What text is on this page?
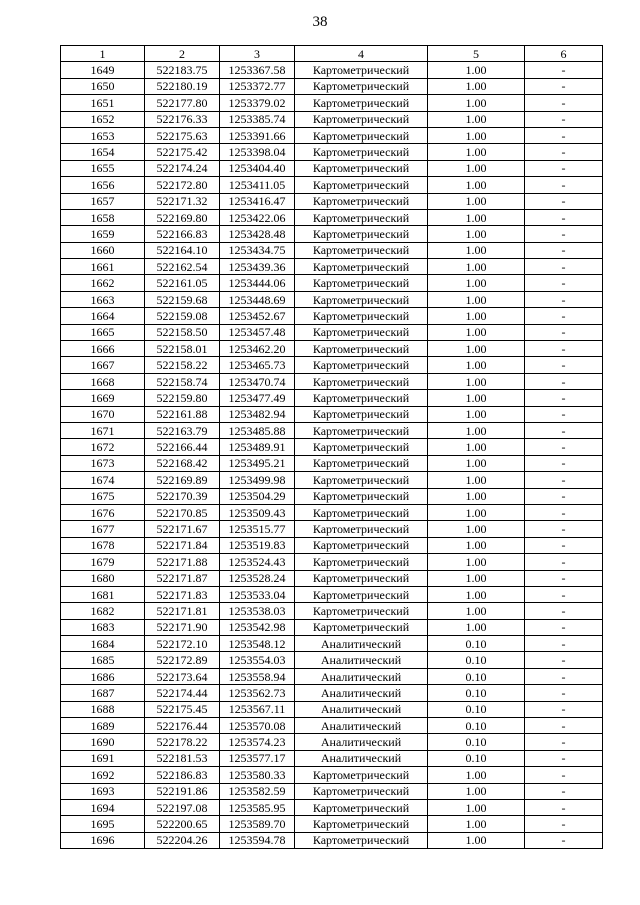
38
1	2	3	4	5	6
1649	522183.75	1253367.58	Картометрический	1.00	-
1650	522180.19	1253372.77	Картометрический	1.00	-
1651	522177.80	1253379.02	Картометрический	1.00	-
1652	522176.33	1253385.74	Картометрический	1.00	-
1653	522175.63	1253391.66	Картометрический	1.00	-
1654	522175.42	1253398.04	Картометрический	1.00	-
1655	522174.24	1253404.40	Картометрический	1.00	-
1656	522172.80	1253411.05	Картометрический	1.00	-
1657	522171.32	1253416.47	Картометрический	1.00	-
1658	522169.80	1253422.06	Картометрический	1.00	-
1659	522166.83	1253428.48	Картометрический	1.00	-
1660	522164.10	1253434.75	Картометрический	1.00	-
1661	522162.54	1253439.36	Картометрический	1.00	-
1662	522161.05	1253444.06	Картометрический	1.00	-
1663	522159.68	1253448.69	Картометрический	1.00	-
1664	522159.08	1253452.67	Картометрический	1.00	-
1665	522158.50	1253457.48	Картометрический	1.00	-
1666	522158.01	1253462.20	Картометрический	1.00	-
1667	522158.22	1253465.73	Картометрический	1.00	-
1668	522158.74	1253470.74	Картометрический	1.00	-
1669	522159.80	1253477.49	Картометрический	1.00	-
1670	522161.88	1253482.94	Картометрический	1.00	-
1671	522163.79	1253485.88	Картометрический	1.00	-
1672	522166.44	1253489.91	Картометрический	1.00	-
1673	522168.42	1253495.21	Картометрический	1.00	-
1674	522169.89	1253499.98	Картометрический	1.00	-
1675	522170.39	1253504.29	Картометрический	1.00	-
1676	522170.85	1253509.43	Картометрический	1.00	-
1677	522171.67	1253515.77	Картометрический	1.00	-
1678	522171.84	1253519.83	Картометрический	1.00	-
1679	522171.88	1253524.43	Картометрический	1.00	-
1680	522171.87	1253528.24	Картометрический	1.00	-
1681	522171.83	1253533.04	Картометрический	1.00	-
1682	522171.81	1253538.03	Картометрический	1.00	-
1683	522171.90	1253542.98	Картометрический	1.00	-
1684	522172.10	1253548.12	Аналитический	0.10	-
1685	522172.89	1253554.03	Аналитический	0.10	-
1686	522173.64	1253558.94	Аналитический	0.10	-
1687	522174.44	1253562.73	Аналитический	0.10	-
1688	522175.45	1253567.11	Аналитический	0.10	-
1689	522176.44	1253570.08	Аналитический	0.10	-
1690	522178.22	1253574.23	Аналитический	0.10	-
1691	522181.53	1253577.17	Аналитический	0.10	-
1692	522186.83	1253580.33	Картометрический	1.00	-
1693	522191.86	1253582.59	Картометрический	1.00	-
1694	522197.08	1253585.95	Картометрический	1.00	-
1695	522200.65	1253589.70	Картометрический	1.00	-
1696	522204.26	1253594.78	Картометрический	1.00	-
